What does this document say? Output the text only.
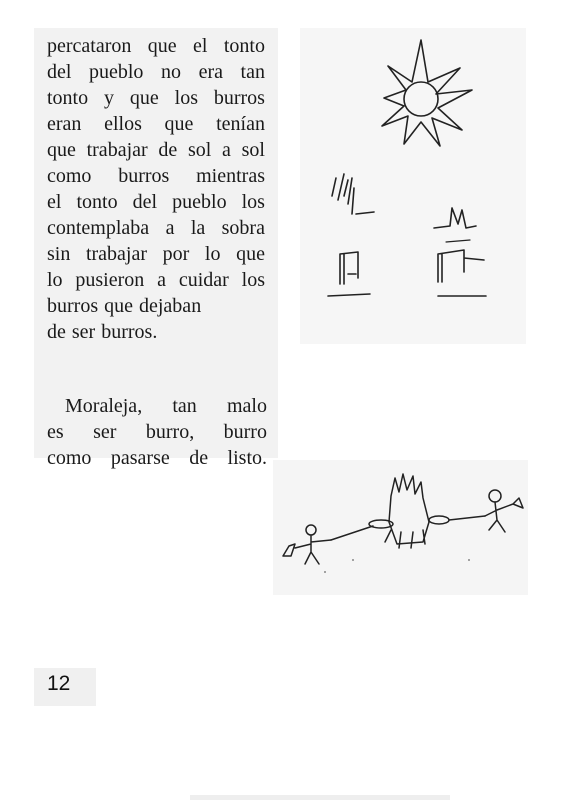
percataron que el tonto
del pueblo no era tan
tonto y que los burros
eran ellos que tenían
que trabajar de sol a sol
como burros mientras
el tonto del pueblo los
contemplaba a la sobra
sin trabajar por lo que
lo pusieron a cuidar los
burros que dejaban
de ser burros.
Moraleja, tan malo
es ser burro, burro
como pasarse de listo.
12
